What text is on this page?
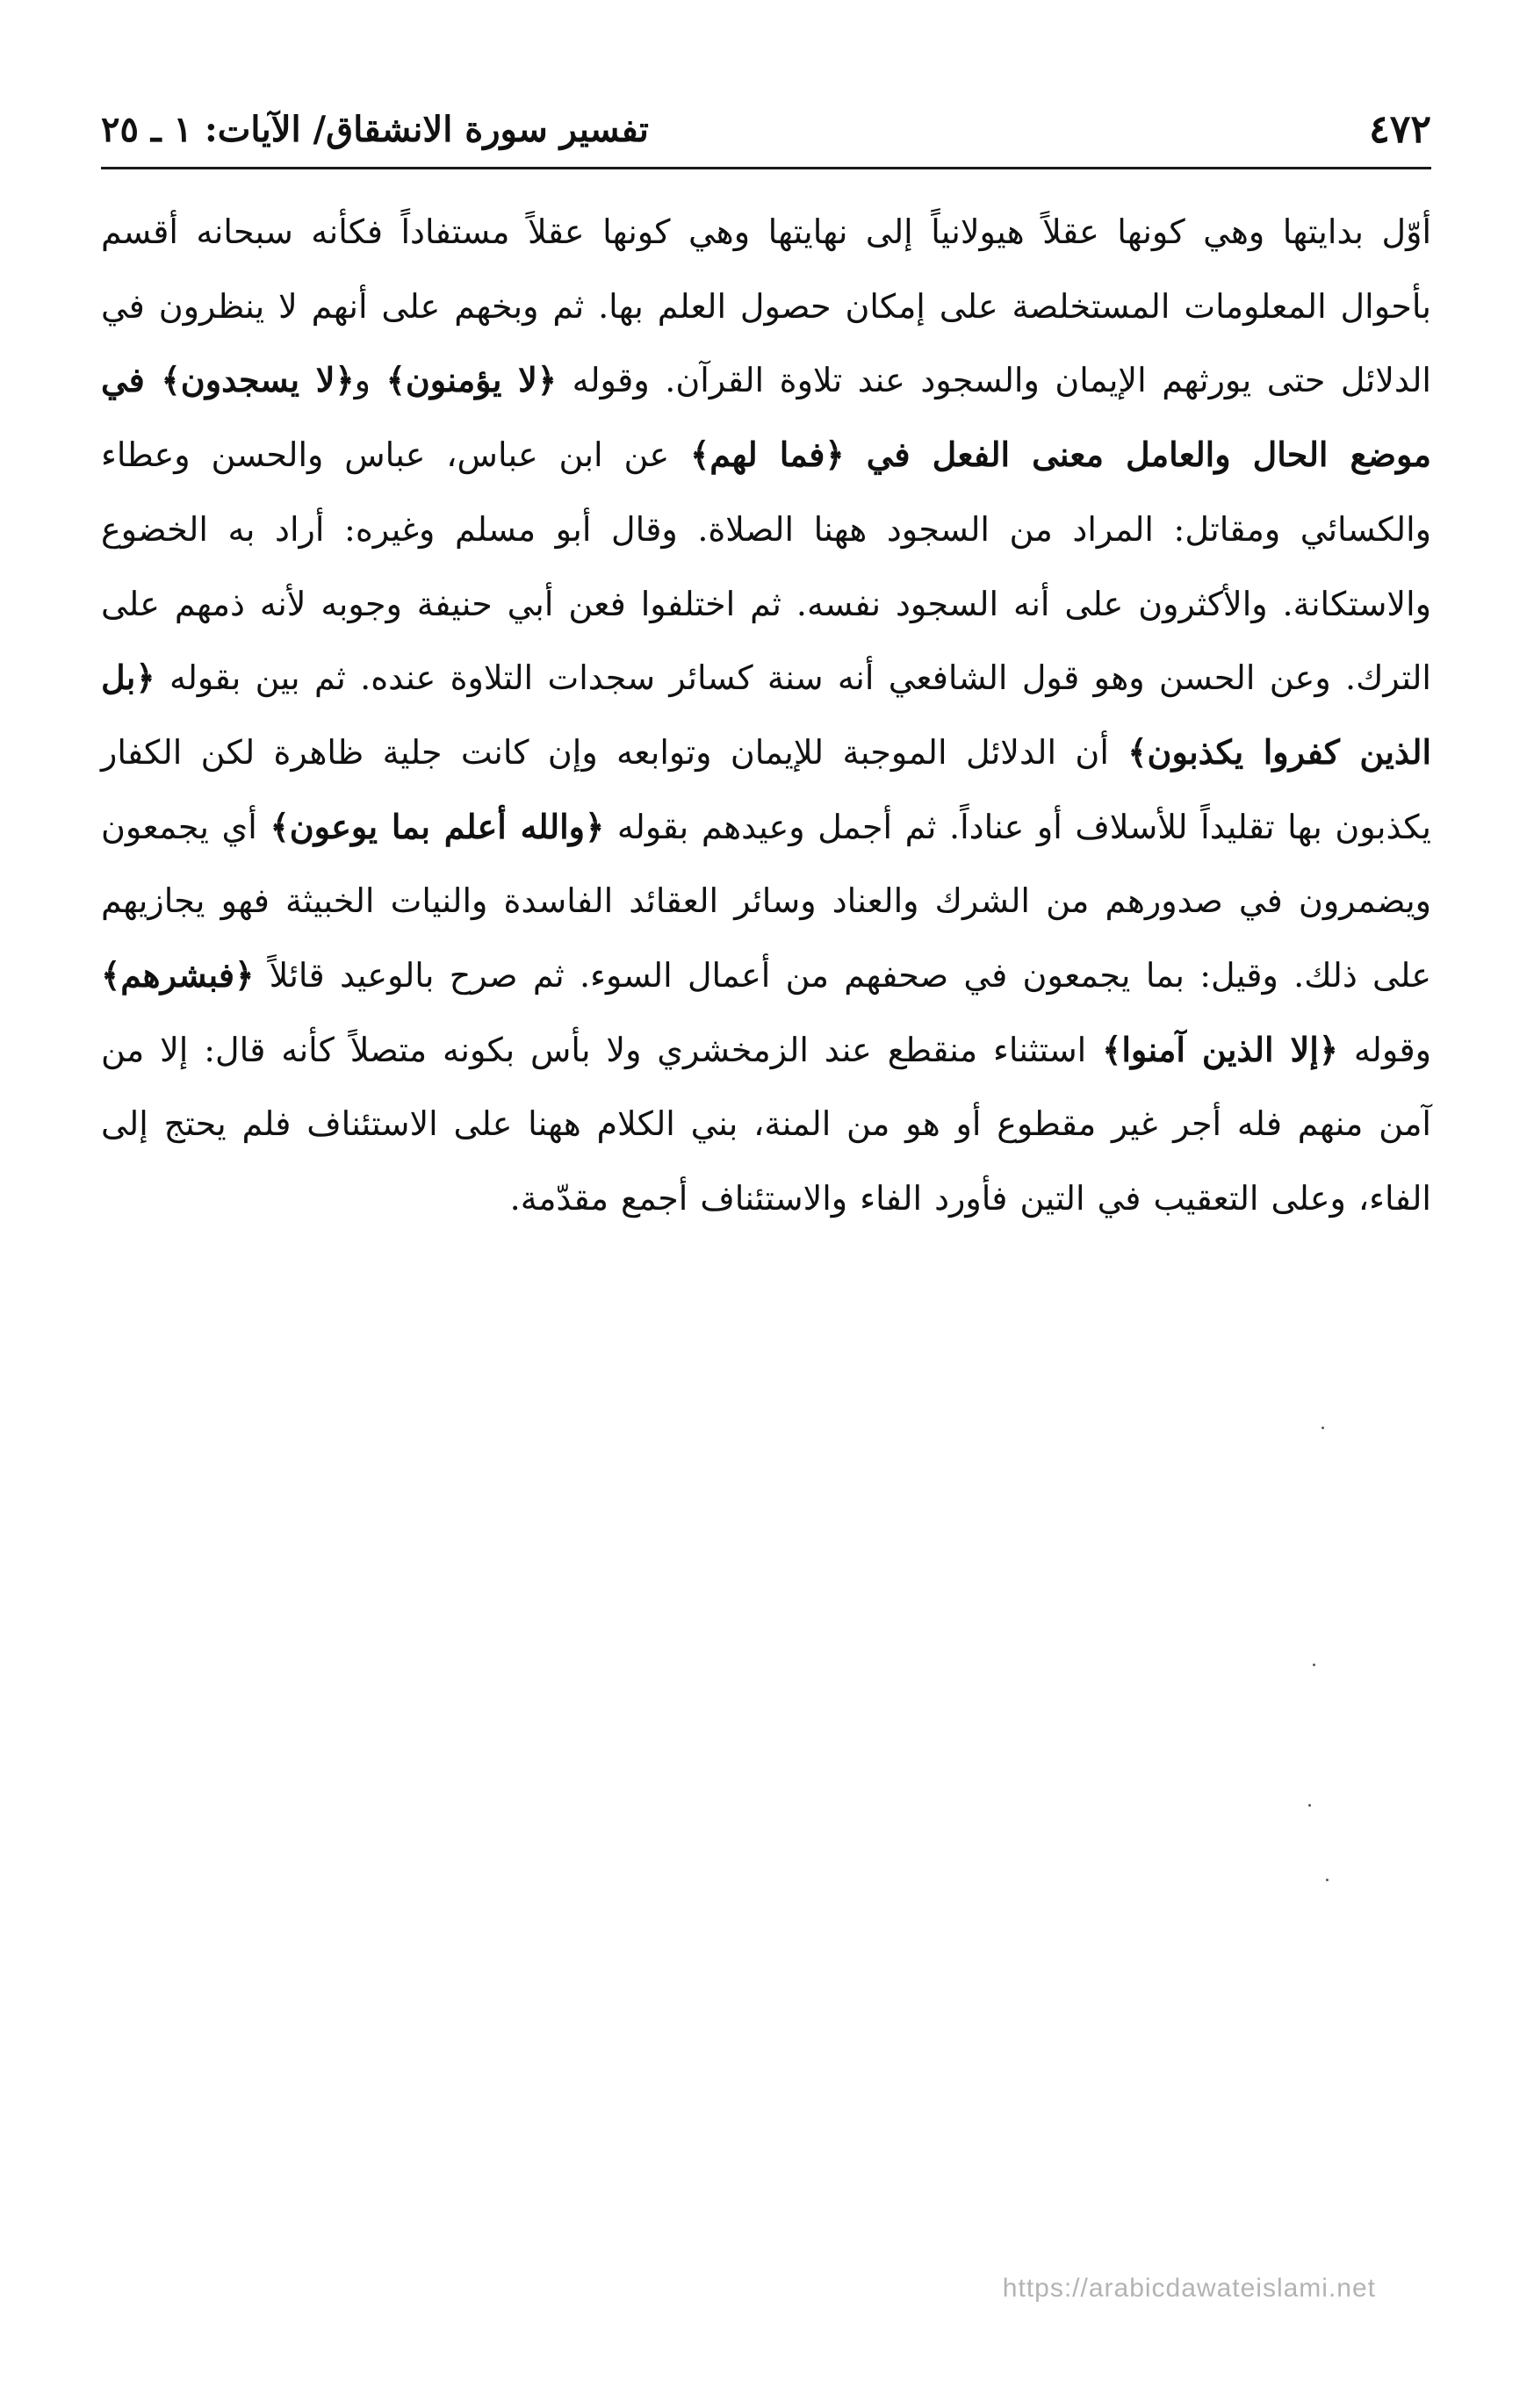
٤٧٢
تفسير سورة الانشقاق/ الآيات: ١ ـ ٢٥
أوّل بدايتها وهي كونها عقلاً هيولانياً إلى نهايتها وهي كونها عقلاً مستفاداً فكأنه سبحانه أقسم بأحوال المعلومات المستخلصة على إمكان حصول العلم بها. ثم وبخهم على أنهم لا ينظرون في الدلائل حتى يورثهم الإيمان والسجود عند تلاوة القرآن. وقوله ﴿لا يؤمنون﴾ و﴿لا يسجدون﴾ في موضع الحال والعامل معنى الفعل في ﴿فما لهم﴾ عن ابن عباس، عباس والحسن وعطاء والكسائي ومقاتل: المراد من السجود ههنا الصلاة. وقال أبو مسلم وغيره: أراد به الخضوع والاستكانة. والأكثرون على أنه السجود نفسه. ثم اختلفوا فعن أبي حنيفة وجوبه لأنه ذمهم على الترك. وعن الحسن وهو قول الشافعي أنه سنة كسائر سجدات التلاوة عنده. ثم بين بقوله ﴿بل الذين كفروا يكذبون﴾ أن الدلائل الموجبة للإيمان وتوابعه وإن كانت جلية ظاهرة لكن الكفار يكذبون بها تقليداً للأسلاف أو عناداً. ثم أجمل وعيدهم بقوله ﴿والله أعلم بما يوعون﴾ أي يجمعون ويضمرون في صدورهم من الشرك والعناد وسائر العقائد الفاسدة والنيات الخبيثة فهو يجازيهم على ذلك. وقيل: بما يجمعون في صحفهم من أعمال السوء. ثم صرح بالوعيد قائلاً ﴿فبشرهم﴾ وقوله ﴿إلا الذين آمنوا﴾ استثناء منقطع عند الزمخشري ولا بأس بكونه متصلاً كأنه قال: إلا من آمن منهم فله أجر غير مقطوع أو هو من المنة، بني الكلام ههنا على الاستئناف فلم يحتج إلى الفاء، وعلى التعقيب في التين فأورد الفاء والاستئناف أجمع مقدّمة.
https://arabicdawateislami.net
